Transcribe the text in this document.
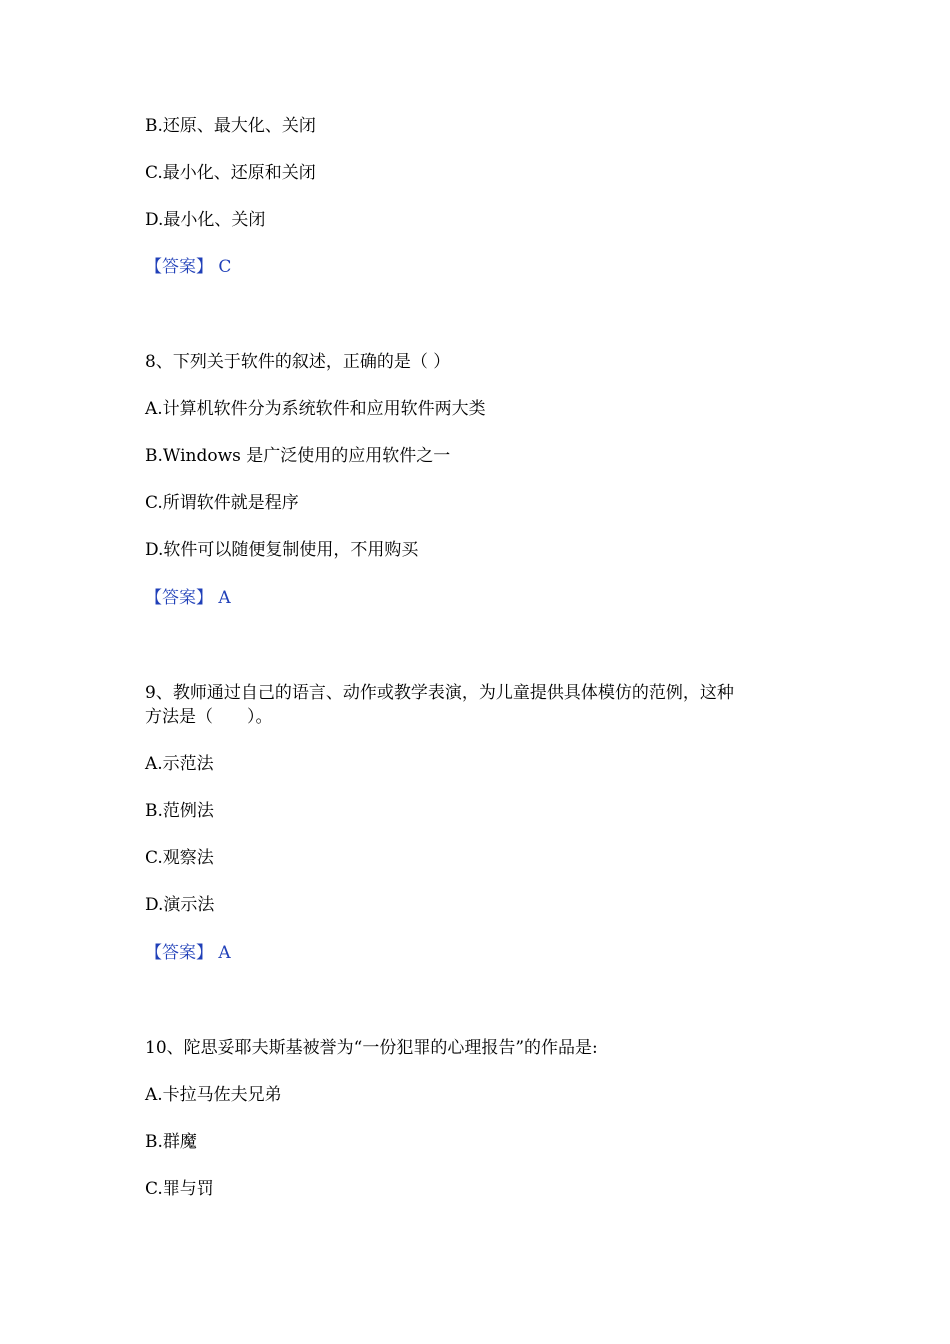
B.还原、最大化、关闭
C.最小化、还原和关闭
D.最小化、关闭
【答案】 C
8、下列关于软件的叙述，正确的是（ ）
A.计算机软件分为系统软件和应用软件两大类
B.Windows 是广泛使用的应用软件之一
C.所谓软件就是程序
D.软件可以随便复制使用，不用购买
【答案】 A
9、教师通过自己的语言、动作或教学表演，为儿童提供具体模仿的范例，这种
方法是（　　）。
A.示范法
B.范例法
C.观察法
D.演示法
【答案】 A
10、陀思妥耶夫斯基被誉为“一份犯罪的心理报告”的作品是:
A.卡拉马佐夫兄弟
B.群魔
C.罪与罚
